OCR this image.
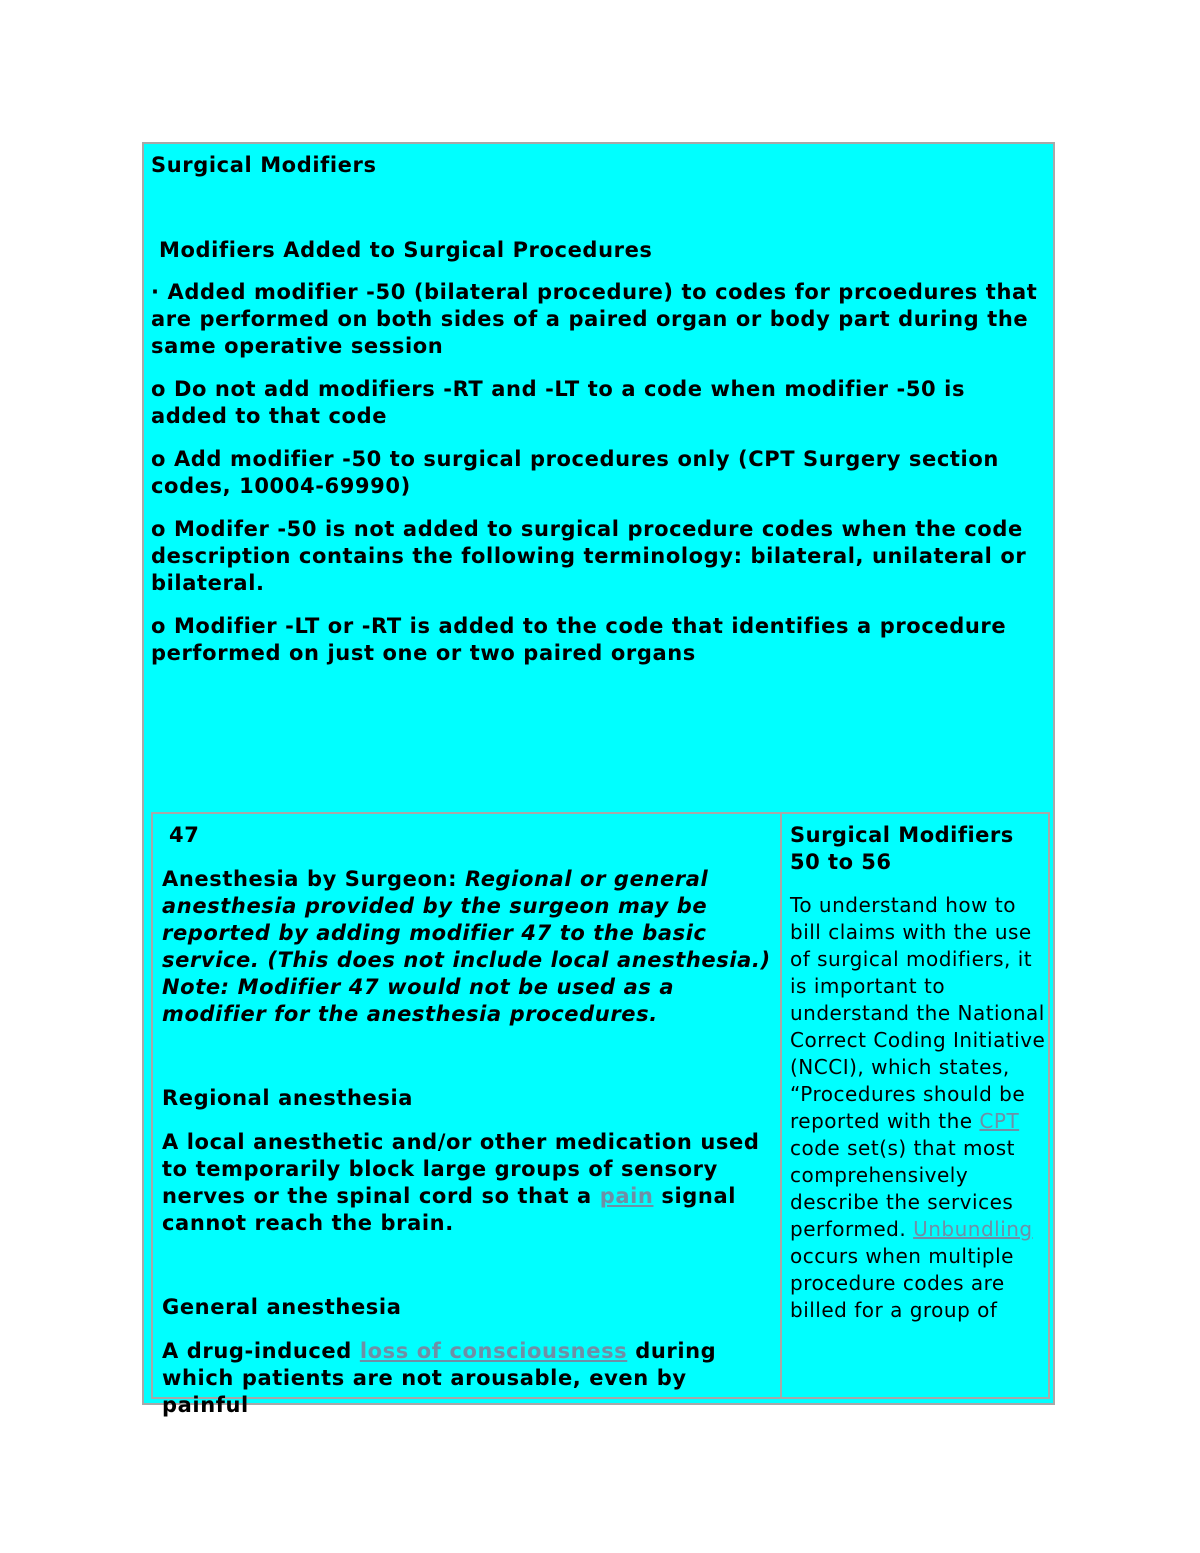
Surgical Modifiers

Modifiers Added to Surgical Procedures

· Added modifier -50 (bilateral procedure) to codes for prcoedures that are performed on both sides of a paired organ or body part during the same operative session

o Do not add modifiers -RT and -LT to a code when modifier -50 is added to that code

o Add modifier -50 to surgical procedures only (CPT Surgery section codes, 10004-69990)

o Modifer -50 is not added to surgical procedure codes when the code description contains the following terminology: bilateral, unilateral or bilateral.

o Modifier -LT or -RT is added to the code that identifies a procedure performed on just one or two paired organs

47

Anesthesia by Surgeon: Regional or general anesthesia provided by the surgeon may be reported by adding modifier 47 to the basic service. (This does not include local anesthesia.) Note: Modifier 47 would not be used as a modifier for the anesthesia procedures.

Regional anesthesia

A local anesthetic and/or other medication used to temporarily block large groups of sensory nerves or the spinal cord so that a pain signal cannot reach the brain.

General anesthesia

A drug-induced loss of consciousness during which patients are not arousable, even by painful

Surgical Modifiers 50 to 56

To understand how to bill claims with the use of surgical modifiers, it is important to understand the National Correct Coding Initiative (NCCI), which states, “Procedures should be reported with the CPT code set(s) that most comprehensively describe the services performed. Unbundling occurs when multiple procedure codes are billed for a group of
